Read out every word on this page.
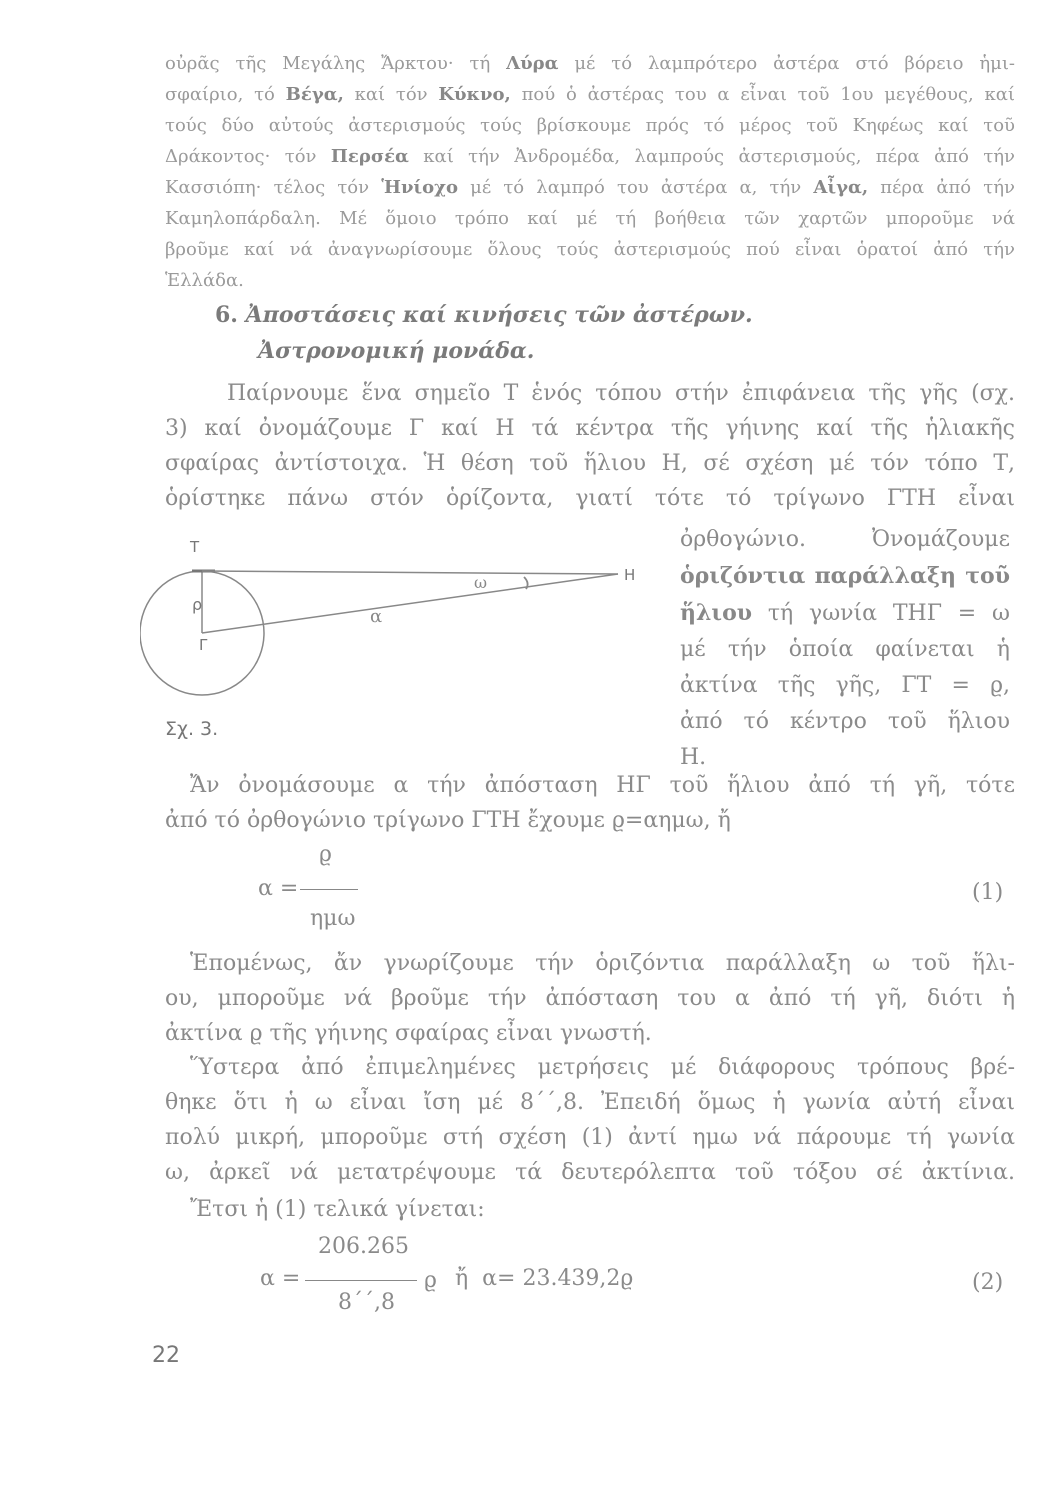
οὐρᾶς τῆς Μεγάλης Ἄρκτου· τή Λύρα μέ τό λαμπρότερο ἀστέρα στό βόρειο ἡμι-

σφαίριο, τό Βέγα, καί τόν Κύκνο, πού ὁ ἀστέρας του α εἶναι τοῦ 1ου μεγέθους, καί

τούς δύο αὐτούς ἀστερισμούς τούς βρίσκουμε πρός τό μέρος τοῦ Κηφέως καί τοῦ

Δράκοντος· τόν Περσέα καί τήν Ἀνδρομέδα, λαμπρούς ἀστερισμούς, πέρα ἀπό τήν

Κασσιόπη· τέλος τόν Ἡνίοχο μέ τό λαμπρό του ἀστέρα α, τήν Αἶγα, πέρα ἀπό τήν

Καμηλοπάρδαλη. Μέ ὅμοιο τρόπο καί μέ τή βοήθεια τῶν χαρτῶν μποροῦμε νά

βροῦμε καί νά ἀναγνωρίσουμε ὅλους τούς ἀστερισμούς πού εἶναι ὁρατοί ἀπό τήν

Ἑλλάδα.

6. Ἀποστάσεις καί κινήσεις τῶν ἀστέρων.
Ἀστρονομική μονάδα.
Παίρνουμε ἕνα σημεῖο Τ ἑνός τόπου στήν ἐπιφάνεια τῆς γῆς (σχ.
3) καί ὀνομάζουμε Γ καί Η τά κέντρα τῆς γήινης καί τῆς ἡλιακῆς
σφαίρας ἀντίστοιχα. Ἡ θέση τοῦ ἥλιου Η, σέ σχέση μέ τόν τόπο Τ,
ὁρίστηκε πάνω στόν ὁρίζοντα, γιατί τότε τό τρίγωνο ΓΤΗ εἶναι

ὀρθογώνιο. Ὀνομάζουμε

ὁριζόντια παράλλαξη τοῦ

ἥλιου τή γωνία ΤΗΓ = ω

μέ τήν ὁποία φαίνεται ἡ

ἀκτίνα τῆς γῆς, ΓΤ = ϱ,

ἀπό τό κέντρο τοῦ ἥλιου

Η.

Τ
ρ
Γ
Η
α
ω
Σχ. 3.
Ἄν ὀνομάσουμε α τήν ἀπόσταση ΗΓ τοῦ ἥλιου ἀπό τή γῆ, τότε
ἀπό τό ὀρθογώνιο τρίγωνο ΓΤΗ ἔχουμε ϱ=αημω, ἤ
ϱ
α =
ημω
(1)
Ἑπομένως, ἄν γνωρίζουμε τήν ὁριζόντια παράλλαξη ω τοῦ ἥλι-
ου, μποροῦμε νά βροῦμε τήν ἀπόσταση του α ἀπό τή γῆ, διότι ἡ
ἀκτίνα ϱ τῆς γήινης σφαίρας εἶναι γνωστή.
Ὕστερα ἀπό ἐπιμελημένες μετρήσεις μέ διάφορους τρόπους βρέ-
θηκε ὅτι ἡ ω εἶναι ἴση μέ 8΄΄,8. Ἐπειδή ὅμως ἡ γωνία αὐτή εἶναι
πολύ μικρή, μποροῦμε στή σχέση (1) ἀντί ημω νά πάρουμε τή γωνία
ω, ἀρκεῖ νά μετατρέψουμε τά δευτερόλεπτα τοῦ τόξου σέ ἀκτίνια.
Ἔτσι ἡ (1) τελικά γίνεται:
206.265
α =	ϱ ἤ  α= 23.439,2ϱ
8΄΄,8
(2)
22
